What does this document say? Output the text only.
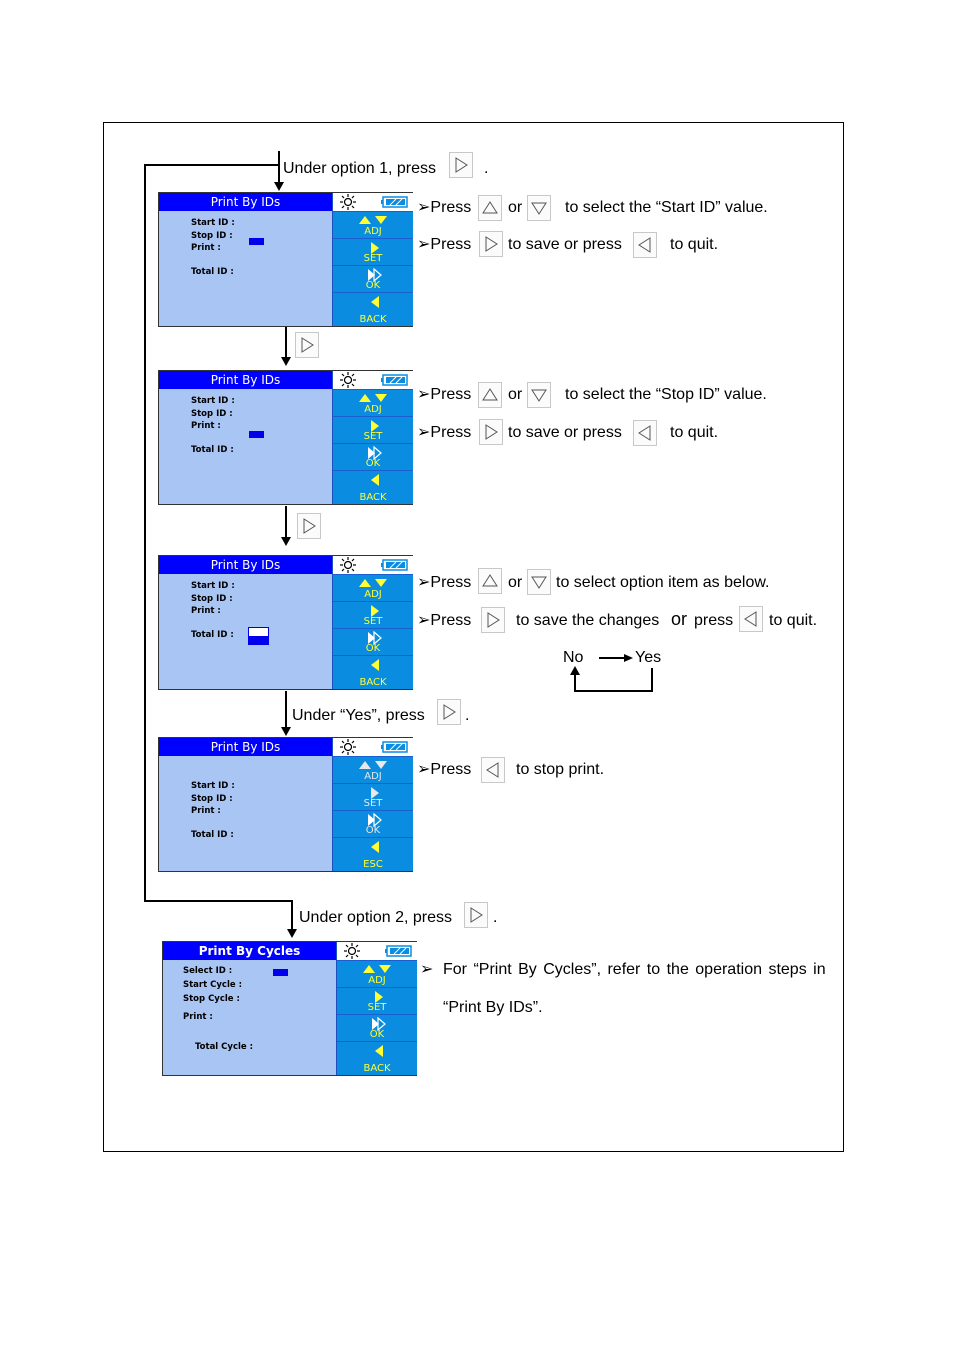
Under option 1, press	.
Print By IDs
Start ID :
Stop ID :
Print :
Total ID :
ADJ
SET
OK
BACK
➢Press or	to select the “Start ID” value.
➢Press to save or press	to quit.
Print By IDs
Start ID :
Stop ID :
Print :
Total ID :
ADJ
SET
OK
BACK
➢Press or	to select the “Stop ID” value.
➢Press to save or press	to quit.
Print By IDs
Start ID :
Stop ID :
Print :
Total ID :
ADJ
SET
OK
BACK
➢Press or to select option item as below.
➢Press	to save the changes or press to quit.
No	Yes
Under “Yes”, press	.
Print By IDs
Start ID :
Stop ID :
Print :
Total ID :
ADJ
SET
OK
ESC
➢Press	to stop print.
Under option 2, press	.
Print By Cycles
Select ID :
Start Cycle :
Stop Cycle :
Print :
Total Cycle :
ADJ
SET
OK
BACK
➢ For “Print By Cycles”, refer to the operation steps in
“Print By IDs”.
